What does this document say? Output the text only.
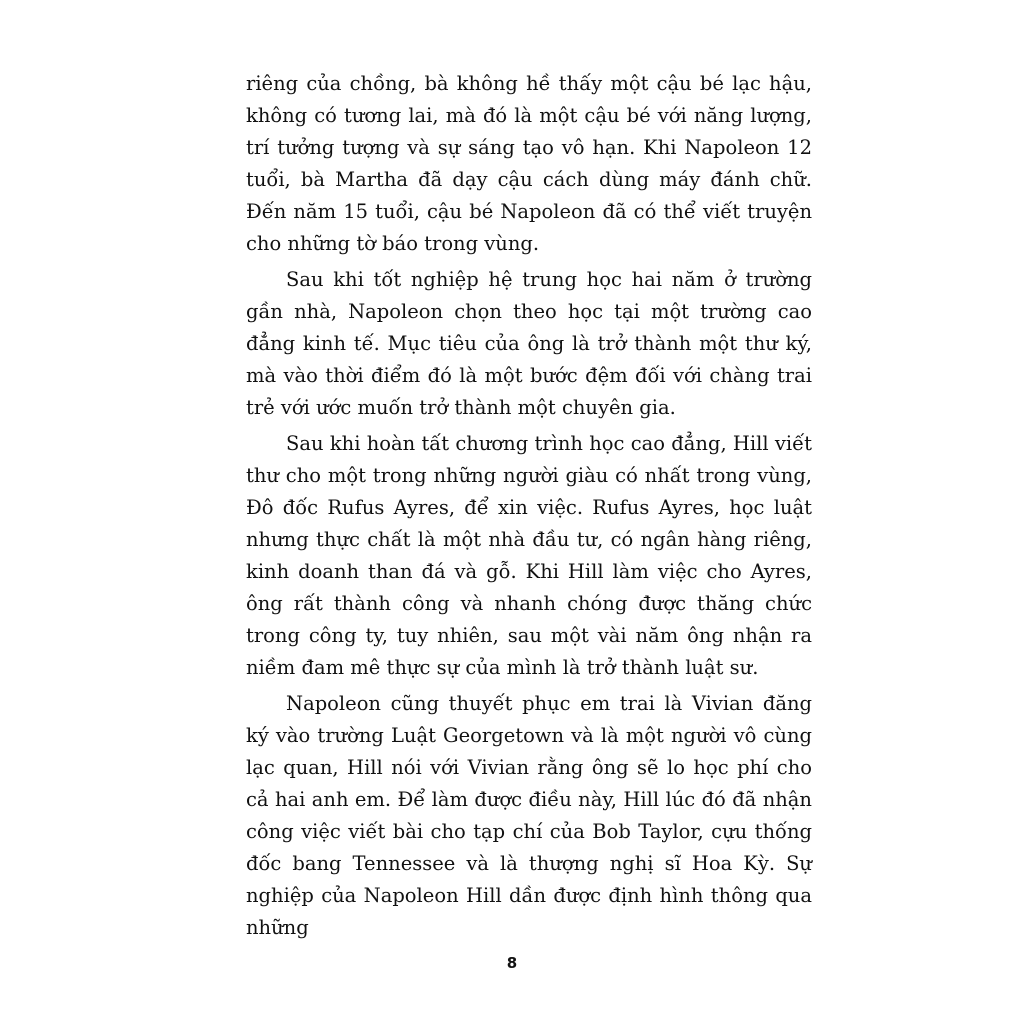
riêng của chồng, bà không hề thấy một cậu bé lạc hậu, không có tương lai, mà đó là một cậu bé với năng lượng, trí tưởng tượng và sự sáng tạo vô hạn. Khi Napoleon 12 tuổi, bà Martha đã dạy cậu cách dùng máy đánh chữ. Đến năm 15 tuổi, cậu bé Napoleon đã có thể viết truyện cho những tờ báo trong vùng.

Sau khi tốt nghiệp hệ trung học hai năm ở trường gần nhà, Napoleon chọn theo học tại một trường cao đẳng kinh tế. Mục tiêu của ông là trở thành một thư ký, mà vào thời điểm đó là một bước đệm đối với chàng trai trẻ với ước muốn trở thành một chuyên gia.

Sau khi hoàn tất chương trình học cao đẳng, Hill viết thư cho một trong những người giàu có nhất trong vùng, Đô đốc Rufus Ayres, để xin việc. Rufus Ayres, học luật nhưng thực chất là một nhà đầu tư, có ngân hàng riêng, kinh doanh than đá và gỗ. Khi Hill làm việc cho Ayres, ông rất thành công và nhanh chóng được thăng chức trong công ty, tuy nhiên, sau một vài năm ông nhận ra niềm đam mê thực sự của mình là trở thành luật sư.

Napoleon cũng thuyết phục em trai là Vivian đăng ký vào trường Luật Georgetown và là một người vô cùng lạc quan, Hill nói với Vivian rằng ông sẽ lo học phí cho cả hai anh em. Để làm được điều này, Hill lúc đó đã nhận công việc viết bài cho tạp chí của Bob Taylor, cựu thống đốc bang Tennessee và là thượng nghị sĩ Hoa Kỳ. Sự nghiệp của Napoleon Hill dần được định hình thông qua những

8
